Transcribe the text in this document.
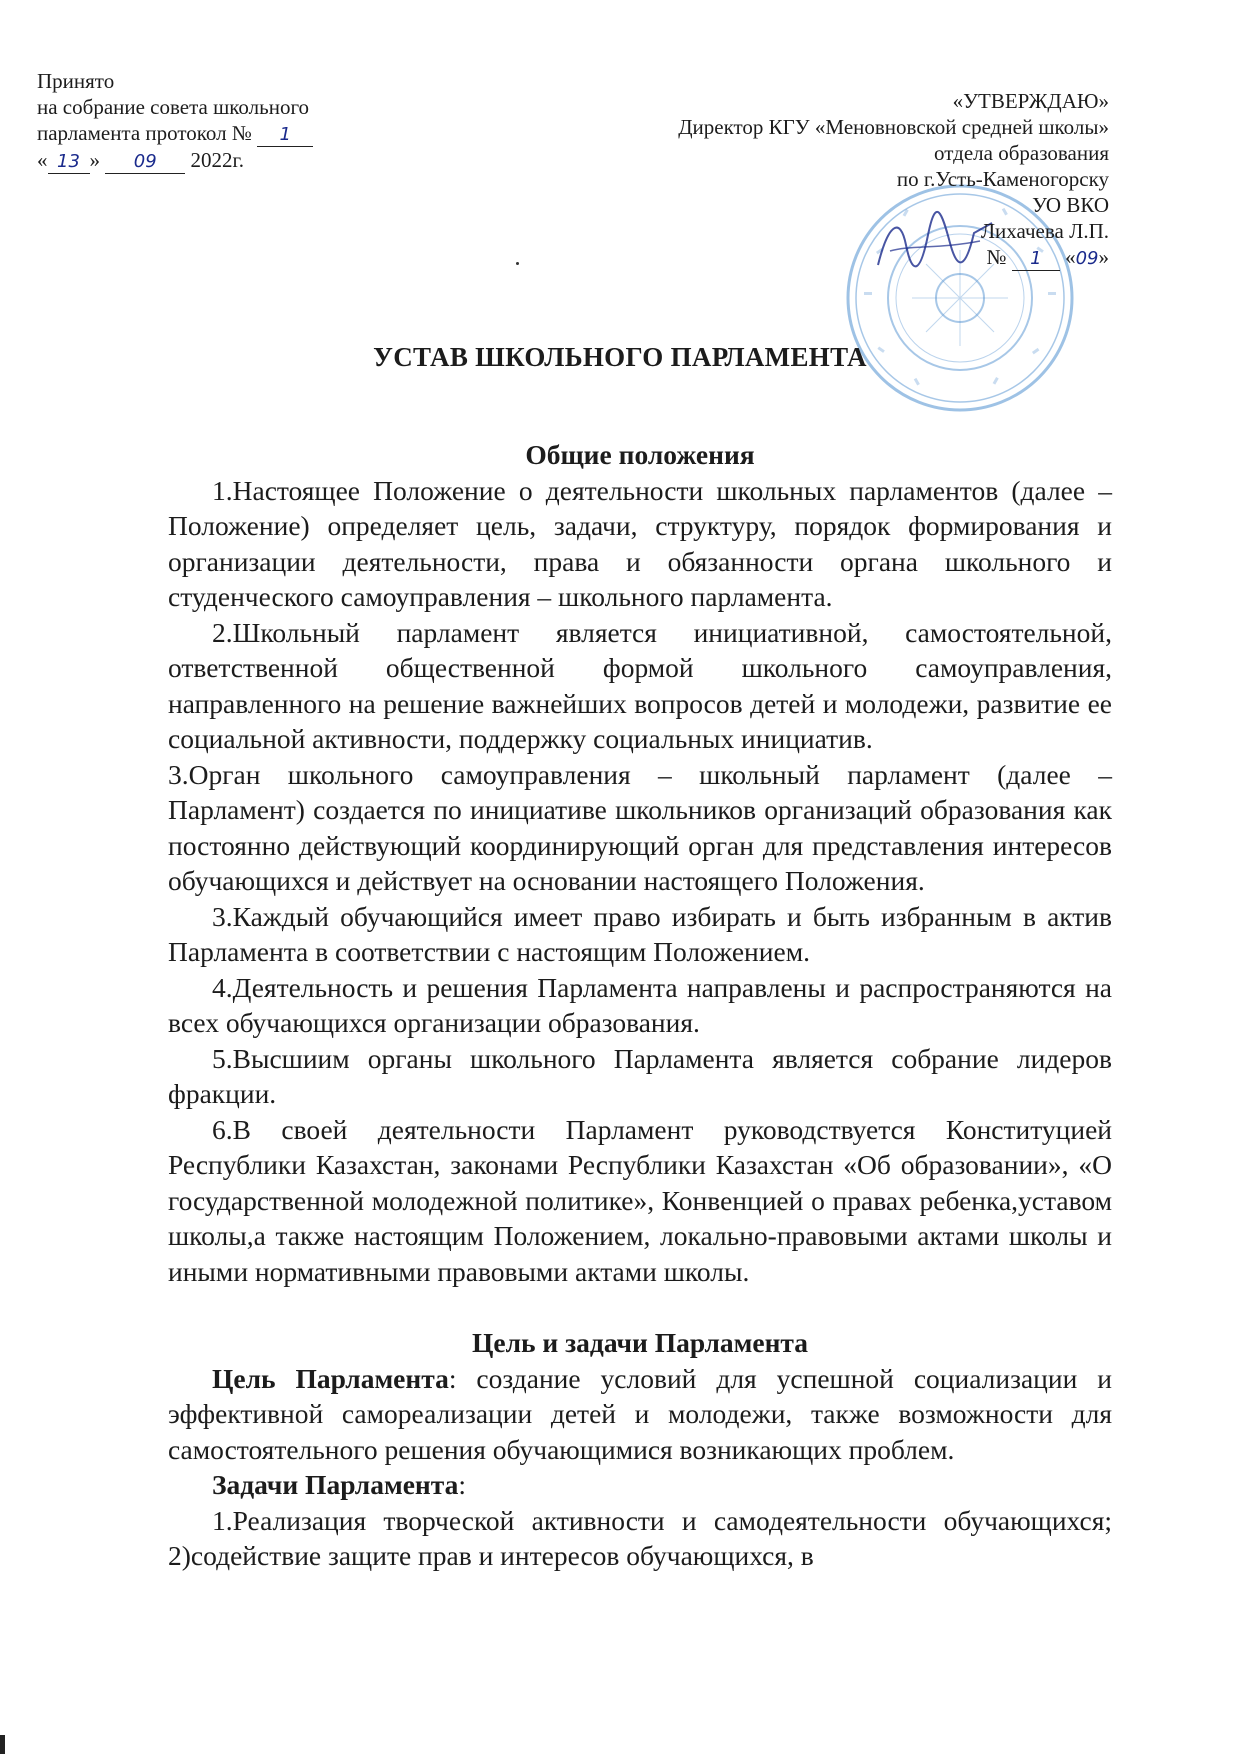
Принято
на собрание совета школьного
парламента протокол № 1
« 13 » 09 2022г.
«УТВЕРЖДАЮ»
Директор КГУ «Меновновской средней школы»
отдела образования
по г.Усть-Каменогорску
УО ВКО
Лихачева Л.П.
№ 1 «09»
УСТАВ ШКОЛЬНОГО ПАРЛАМЕНТА
Общие положения

1.Настоящее Положение о деятельности школьных парламентов (далее – Положение) определяет цель, задачи, структуру, порядок формирования и организации деятельности, права и обязанности органа школьного и студенческого самоуправления – школьного парламента.

2.Школьный парламент является инициативной, самостоятельной, ответственной общественной формой школьного самоуправления, направленного на решение важнейших вопросов детей и молодежи, развитие ее социальной активности, поддержку социальных инициатив.

3.Орган школьного самоуправления – школьный парламент (далее – Парламент) создается по инициативе школьников организаций образования как постоянно действующий координирующий орган для представления интересов обучающихся и действует на основании настоящего Положения.

3.Каждый обучающийся имеет право избирать и быть избранным в актив Парламента в соответствии с настоящим Положением.

4.Деятельность и решения Парламента направлены и распространяются на всех обучающихся организации образования.

5.Высшиим органы школьного Парламента является собрание лидеров фракции.

6.В своей деятельности Парламент руководствуется Конституцией Республики Казахстан, законами Республики Казахстан «Об образовании», «О государственной молодежной политике», Конвенцией о правах ребенка,уставом школы,а также настоящим Положением, локально-правовыми актами школы и иными нормативными правовыми актами школы.

Цель и задачи Парламента

Цель Парламента: создание условий для успешной социализации и эффективной самореализации детей и молодежи, также возможности для самостоятельного решения обучающимися возникающих проблем.

Задачи Парламента:

1.Реализация творческой активности и самодеятельности обучающихся; 2)содействие защите прав и интересов обучающихся, в
